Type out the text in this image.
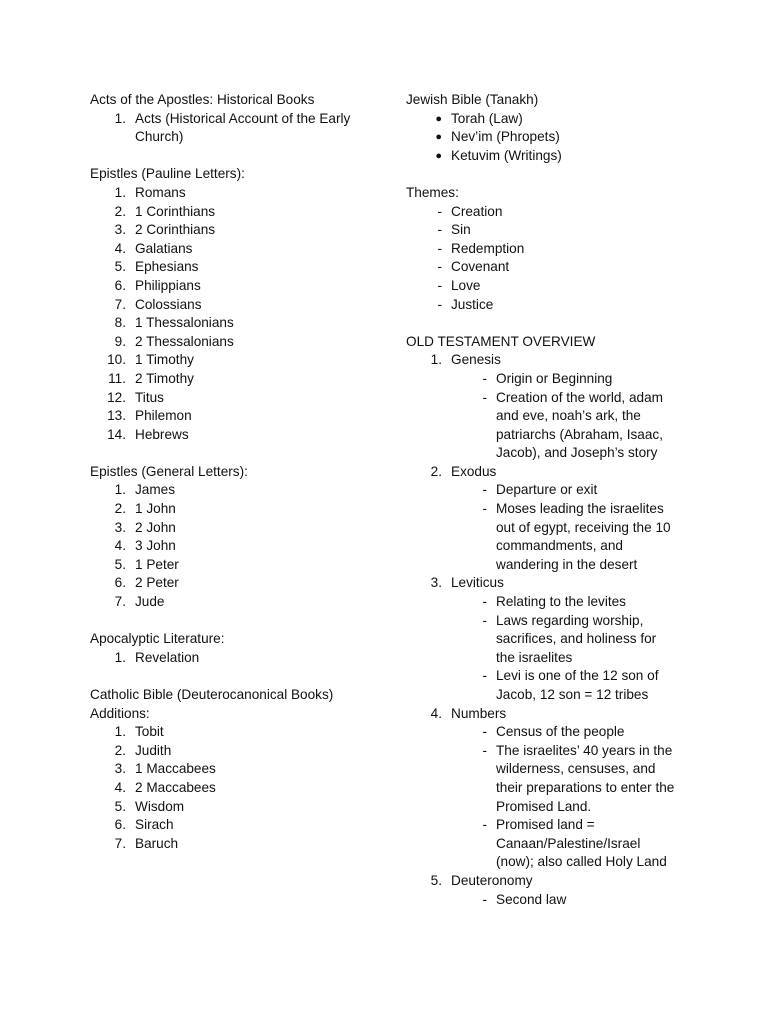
Acts of the Apostles: Historical Books
1. Acts (Historical Account of the Early Church)
Epistles (Pauline Letters):
1. Romans
2. 1 Corinthians
3. 2 Corinthians
4. Galatians
5. Ephesians
6. Philippians
7. Colossians
8. 1 Thessalonians
9. 2 Thessalonians
10. 1 Timothy
11. 2 Timothy
12. Titus
13. Philemon
14. Hebrews
Epistles (General Letters):
1. James
2. 1 John
3. 2 John
4. 3 John
5. 1 Peter
6. 2 Peter
7. Jude
Apocalyptic Literature:
1. Revelation
Catholic Bible (Deuterocanonical Books)
Additions:
1. Tobit
2. Judith
3. 1 Maccabees
4. 2 Maccabees
5. Wisdom
6. Sirach
7. Baruch
Jewish Bible (Tanakh)
● Torah (Law)
● Nev’im (Phropets)
● Ketuvim (Writings)
Themes:
- Creation
- Sin
- Redemption
- Covenant
- Love
- Justice
OLD TESTAMENT OVERVIEW
1. Genesis
- Origin or Beginning
- Creation of the world, adam and eve, noah’s ark, the patriarchs (Abraham, Isaac, Jacob), and Joseph’s story
2. Exodus
- Departure or exit
- Moses leading the israelites out of egypt, receiving the 10 commandments, and wandering in the desert
3. Leviticus
- Relating to the levites
- Laws regarding worship, sacrifices, and holiness for the israelites
- Levi is one of the 12 son of Jacob, 12 son = 12 tribes
4. Numbers
- Census of the people
- The israelites’ 40 years in the wilderness, censuses, and their preparations to enter the Promised Land.
- Promised land = Canaan/Palestine/Israel (now); also called Holy Land
5. Deuteronomy
- Second law
